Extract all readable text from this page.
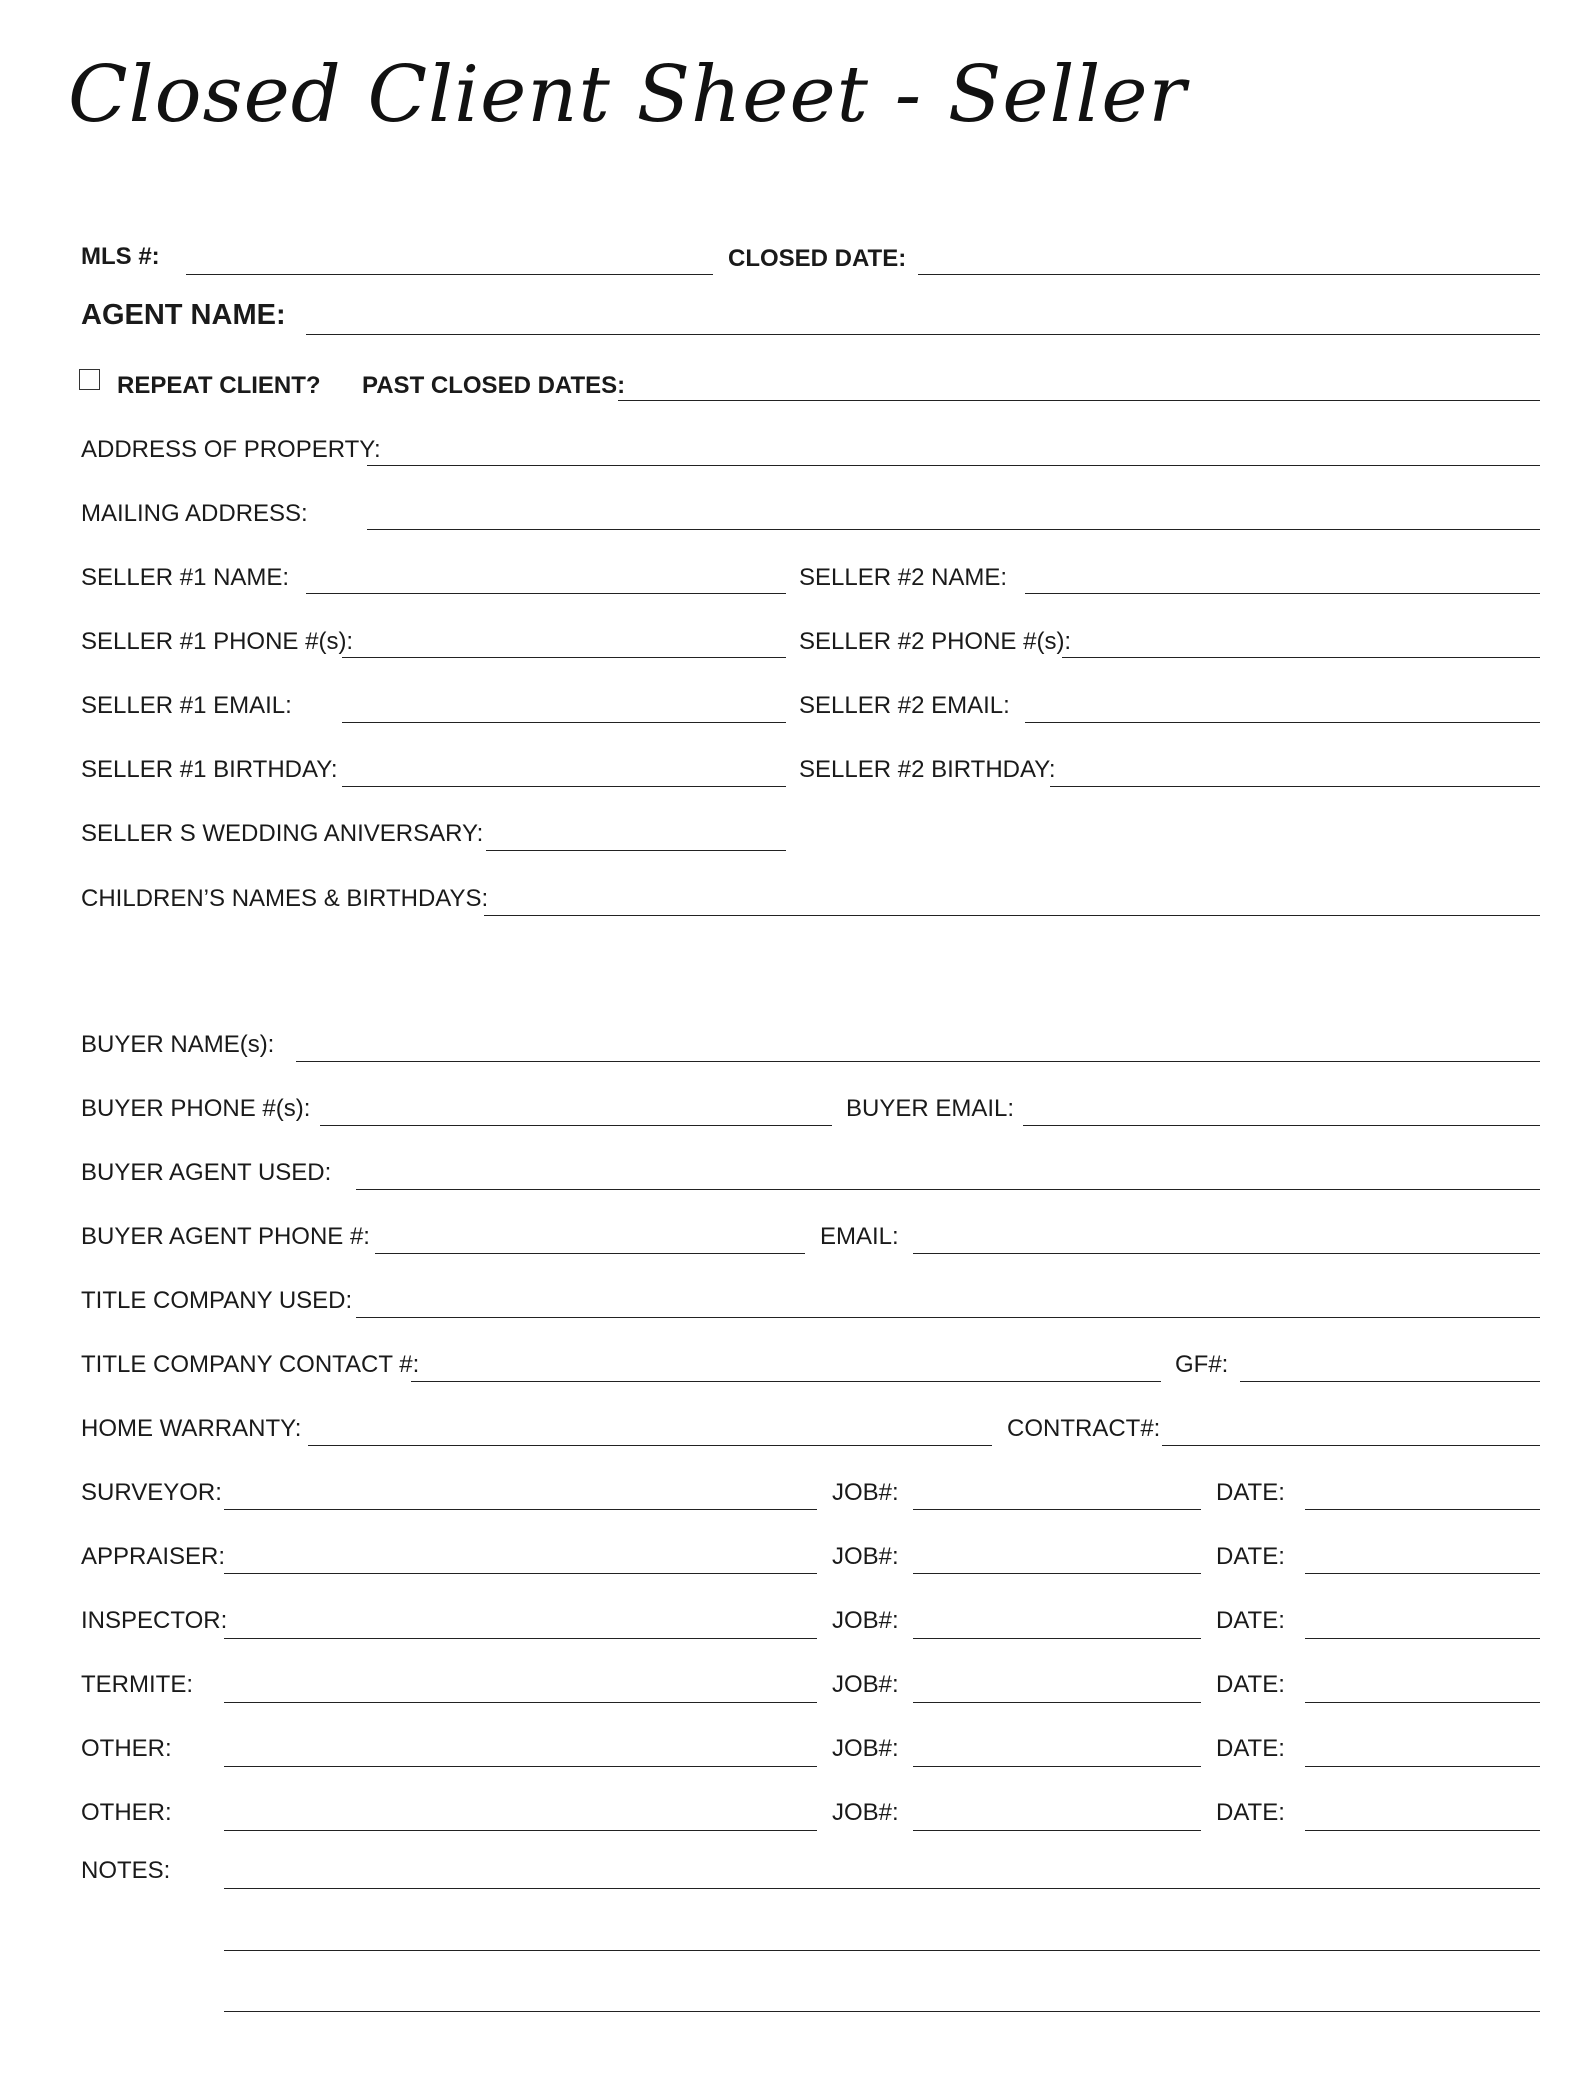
Closed Client Sheet - Seller
MLS #:	CLOSED DATE:
AGENT NAME:
REPEAT CLIENT? PAST CLOSED DATES:
ADDRESS OF PROPERTY:
MAILING ADDRESS:
SELLER #1 NAME:	SELLER #2 NAME:
SELLER #1 PHONE #(s):	SELLER #2 PHONE #(s):
SELLER #1 EMAIL:	SELLER #2 EMAIL:
SELLER #1 BIRTHDAY:	SELLER #2 BIRTHDAY:
SELLER S WEDDING ANIVERSARY:
CHILDREN’S NAMES & BIRTHDAYS:
BUYER NAME(s):
BUYER PHONE #(s):	BUYER EMAIL:
BUYER AGENT USED:
BUYER AGENT PHONE #:	EMAIL:
TITLE COMPANY USED:
TITLE COMPANY CONTACT #:	GF#:
HOME WARRANTY:	CONTRACT#:
SURVEYOR:	JOB#:	DATE:
APPRAISER:	JOB#:	DATE:
INSPECTOR:	JOB#:	DATE:
TERMITE:	JOB#:	DATE:
OTHER:	JOB#:	DATE:
OTHER:	JOB#:	DATE:
NOTES:
